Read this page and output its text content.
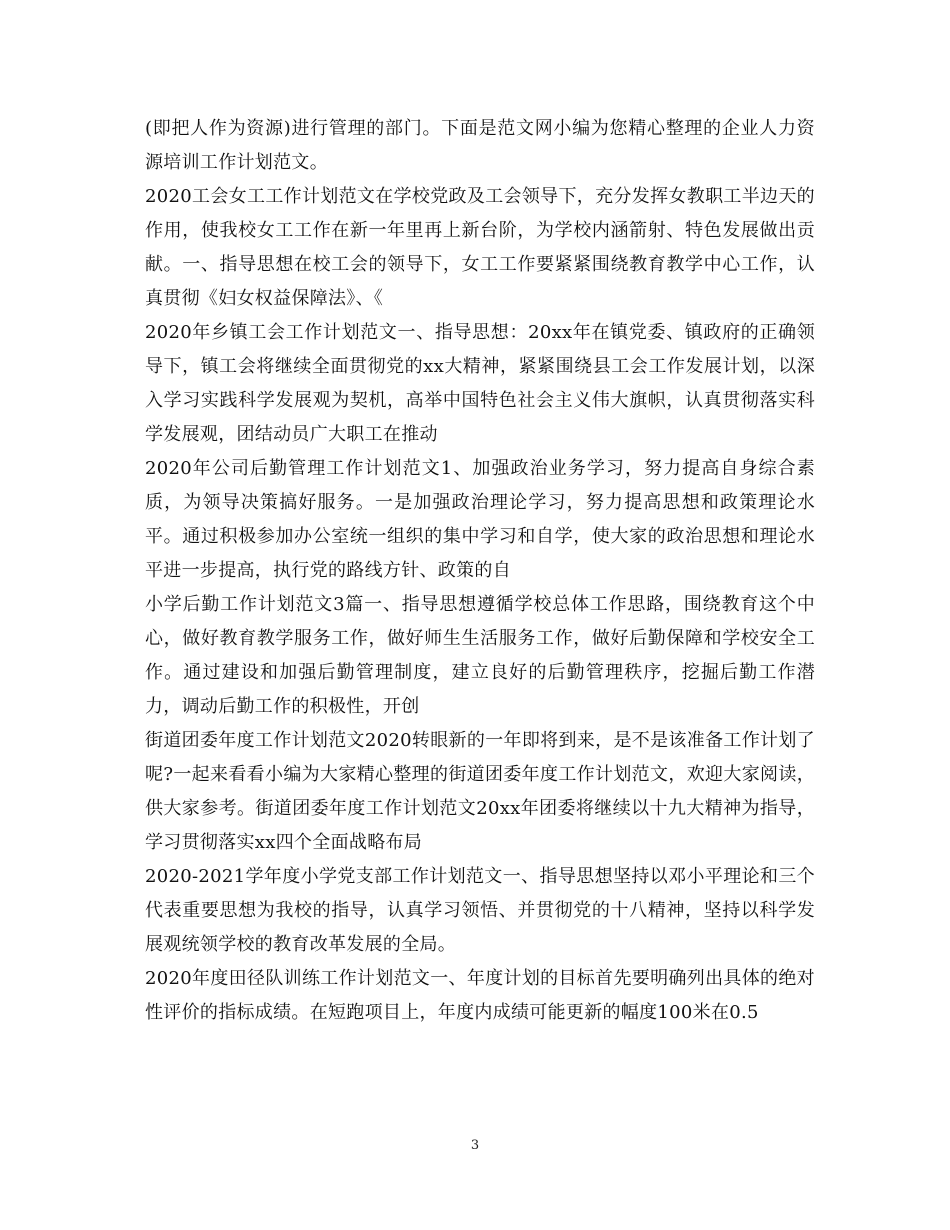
(即把人作为资源)进行管理的部门。下面是范文网小编为您精心整理的企业人力资源培训工作计划范文。

2020工会女工工作计划范文在学校党政及工会领导下，充分发挥女教职工半边天的作用，使我校女工工作在新一年里再上新台阶，为学校内涵箭射、特色发展做出贡献。一、指导思想在校工会的领导下，女工工作要紧紧围绕教育教学中心工作，认真贯彻《妇女权益保障法》、《

2020年乡镇工会工作计划范文一、指导思想：20xx年在镇党委、镇政府的正确领导下，镇工会将继续全面贯彻党的xx大精神，紧紧围绕县工会工作发展计划，以深入学习实践科学发展观为契机，高举中国特色社会主义伟大旗帜，认真贯彻落实科学发展观，团结动员广大职工在推动

2020年公司后勤管理工作计划范文1、加强政治业务学习，努力提高自身综合素质，为领导决策搞好服务。一是加强政治理论学习，努力提高思想和政策理论水平。通过积极参加办公室统一组织的集中学习和自学，使大家的政治思想和理论水平进一步提高，执行党的路线方针、政策的自

小学后勤工作计划范文3篇一、指导思想遵循学校总体工作思路，围绕教育这个中心，做好教育教学服务工作，做好师生生活服务工作，做好后勤保障和学校安全工作。通过建设和加强后勤管理制度，建立良好的后勤管理秩序，挖掘后勤工作潜力，调动后勤工作的积极性，开创

街道团委年度工作计划范文2020转眼新的一年即将到来，是不是该准备工作计划了呢?一起来看看小编为大家精心整理的街道团委年度工作计划范文，欢迎大家阅读，供大家参考。街道团委年度工作计划范文20xx年团委将继续以十九大精神为指导，学习贯彻落实xx四个全面战略布局

2020-2021学年度小学党支部工作计划范文一、指导思想坚持以邓小平理论和三个代表重要思想为我校的指导，认真学习领悟、并贯彻党的十八精神，坚持以科学发展观统领学校的教育改革发展的全局。

2020年度田径队训练工作计划范文一、年度计划的目标首先要明确列出具体的绝对性评价的指标成绩。在短跑项目上，年度内成绩可能更新的幅度100米在0.5

3
